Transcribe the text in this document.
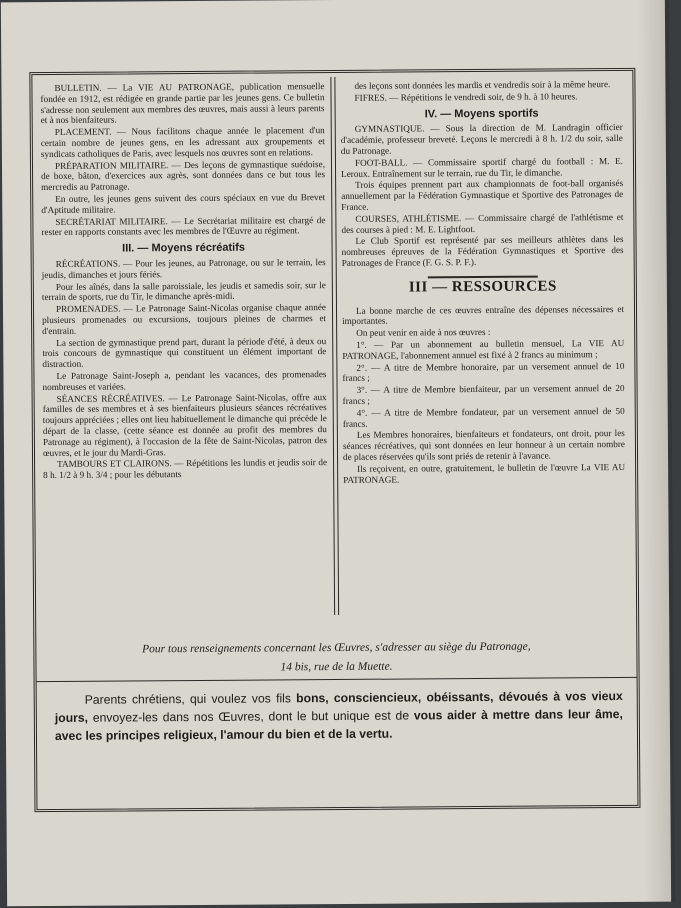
BULLETIN. — La VIE AU PATRONAGE, publication mensuelle fondée en 1912, est rédigée en grande partie par les jeunes gens. Ce bulletin s'adresse non seulement aux membres des œuvres, mais aussi à leurs parents et à nos bienfaiteurs.

PLACEMENT. — Nous facilitons chaque année le placement d'un certain nombre de jeunes gens, en les adressant aux groupements et syndicats catholiques de Paris, avec lesquels nos œuvres sont en relations.

PRÉPARATION MILITAIRE. — Des leçons de gymnastique suédoise, de boxe, bâton, d'exercices aux agrès, sont données dans ce but tous les mercredis au Patronage.

En outre, les jeunes gens suivent des cours spéciaux en vue du Brevet d'Aptitude militaire.

SECRÉTARIAT MILITAIRE. — Le Secrétariat militaire est chargé de rester en rapports constants avec les membres de l'Œuvre au régiment.

III. — Moyens récréatifs

RÉCRÉATIONS. — Pour les jeunes, au Patronage, ou sur le terrain, les jeudis, dimanches et jours fériés.

Pour les aînés, dans la salle paroissiale, les jeudis et samedis soir, sur le terrain de sports, rue du Tir, le dimanche après-midi.

PROMENADES. — Le Patronage Saint-Nicolas organise chaque année plusieurs promenades ou excursions, toujours pleines de charmes et d'entrain.

La section de gymnastique prend part, durant la période d'été, à deux ou trois concours de gymnastique qui constituent un élément important de distraction.

Le Patronage Saint-Joseph a, pendant les vacances, des promenades nombreuses et variées.

SÉANCES RÉCRÉATIVES. — Le Patronage Saint-Nicolas, offre aux familles de ses membres et à ses bienfaiteurs plusieurs séances récréatives toujours appréciées ; elles ont lieu habituellement le dimanche qui précède le départ de la classe, (cette séance est donnée au profit des membres du Patronage au régiment), à l'occasion de la fête de Saint-Nicolas, patron des œuvres, et le jour du Mardi-Gras.

TAMBOURS ET CLAIRONS. — Répétitions les lundis et jeudis soir de 8 h. 1/2 à 9 h. 3/4 ; pour les débutants

des leçons sont données les mardis et vendredis soir à la même heure.

FIFRES. — Répétitions le vendredi soir, de 9 h. à 10 heures.

IV. — Moyens sportifs

GYMNASTIQUE. — Sous la direction de M. Landragin officier d'académie, professeur breveté. Leçons le mercredi à 8 h. 1/2 du soir, salle du Patronage.

FOOT-BALL. — Commissaire sportif chargé du football : M. E. Leroux. Entraînement sur le terrain, rue du Tir, le dimanche.

Trois équipes prennent part aux championnats de foot-ball organisés annuellement par la Fédération Gymnastique et Sportive des Patronages de France.

COURSES, ATHLÉTISME. — Commissaire chargé de l'athlétisme et des courses à pied : M. E. Lightfoot.

Le Club Sportif est représenté par ses meilleurs athlètes dans les nombreuses épreuves de la Fédération Gymnastiques et Sportive des Patronages de France (F. G. S. P. F.).

III — RESSOURCES

La bonne marche de ces œuvres entraîne des dépenses nécessaires et importantes.

On peut venir en aide à nos œuvres :

1°. — Par un abonnement au bulletin mensuel, La VIE AU PATRONAGE, l'abonnement annuel est fixé à 2 francs au minimum ;

2°. — A titre de Membre honoraire, par un versement annuel de 10 francs ;

3°. — A titre de Membre bienfaiteur, par un versement annuel de 20 francs ;

4°. — A titre de Membre fondateur, par un versement annuel de 50 francs.

Les Membres honoraires, bienfaiteurs et fondateurs, ont droit, pour les séances récréatives, qui sont données en leur honneur à un certain nombre de places réservées qu'ils sont priés de retenir à l'avance.

Ils reçoivent, en outre, gratuitement, le bulletin de l'œuvre La VIE AU PATRONAGE.

Pour tous renseignements concernant les Œuvres, s'adresser au siège du Patronage,
14 bis, rue de la Muette.
Parents chrétiens, qui voulez vos fils bons, consciencieux, obéissants, dévoués à vos vieux jours, envoyez-les dans nos Œuvres, dont le but unique est de vous aider à mettre dans leur âme, avec les principes religieux, l'amour du bien et de la vertu.
